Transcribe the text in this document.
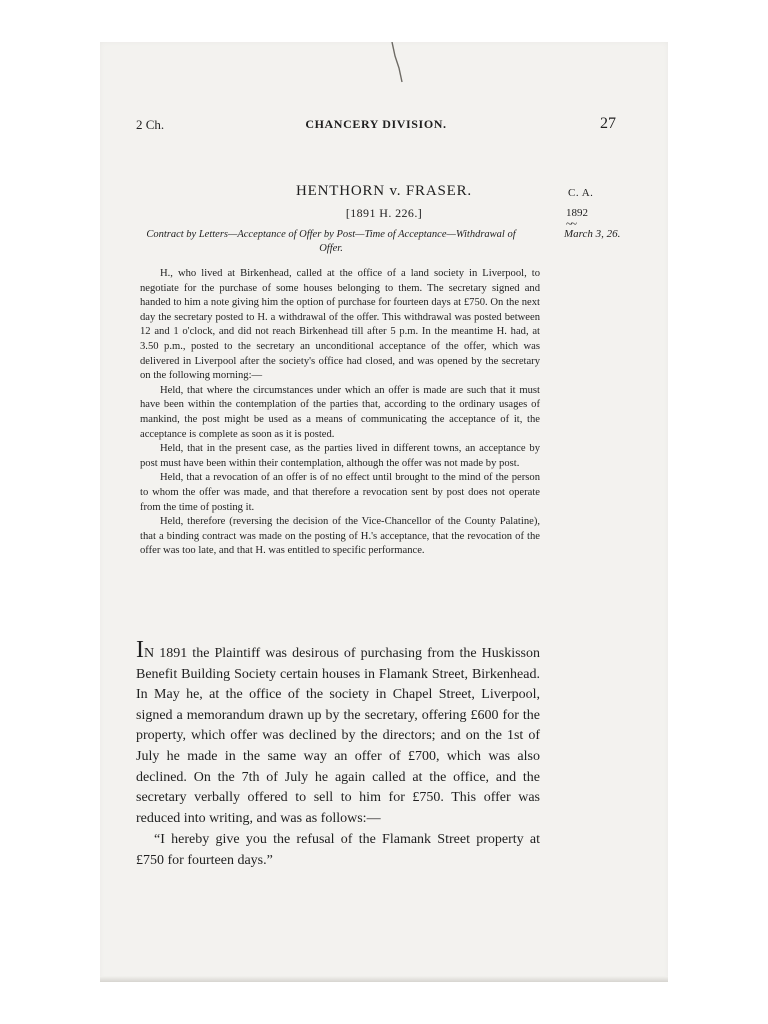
2 Ch.	CHANCERY DIVISION.	27
HENTHORN v. FRASER.
[1891 H. 226.]
C. A.
1892
~~
March 3, 26.
Contract by Letters—Acceptance of Offer by Post—Time of Acceptance—Withdrawal of Offer.

H., who lived at Birkenhead, called at the office of a land society in Liverpool, to negotiate for the purchase of some houses belonging to them. The secretary signed and handed to him a note giving him the option of purchase for fourteen days at £750. On the next day the secretary posted to H. a withdrawal of the offer. This withdrawal was posted between 12 and 1 o'clock, and did not reach Birkenhead till after 5 p.m. In the meantime H. had, at 3.50 p.m., posted to the secretary an unconditional acceptance of the offer, which was delivered in Liverpool after the society's office had closed, and was opened by the secretary on the following morning:—

Held, that where the circumstances under which an offer is made are such that it must have been within the contemplation of the parties that, according to the ordinary usages of mankind, the post might be used as a means of communicating the acceptance of it, the acceptance is complete as soon as it is posted.

Held, that in the present case, as the parties lived in different towns, an acceptance by post must have been within their contemplation, although the offer was not made by post.

Held, that a revocation of an offer is of no effect until brought to the mind of the person to whom the offer was made, and that therefore a revocation sent by post does not operate from the time of posting it.

Held, therefore (reversing the decision of the Vice-Chancellor of the County Palatine), that a binding contract was made on the posting of H.'s acceptance, that the revocation of the offer was too late, and that H. was entitled to specific performance.

IN 1891 the Plaintiff was desirous of purchasing from the Huskisson Benefit Building Society certain houses in Flamank Street, Birkenhead. In May he, at the office of the society in Chapel Street, Liverpool, signed a memorandum drawn up by the secretary, offering £600 for the property, which offer was declined by the directors; and on the 1st of July he made in the same way an offer of £700, which was also declined. On the 7th of July he again called at the office, and the secretary verbally offered to sell to him for £750. This offer was reduced into writing, and was as follows:—

“I hereby give you the refusal of the Flamank Street property at £750 for fourteen days.”
